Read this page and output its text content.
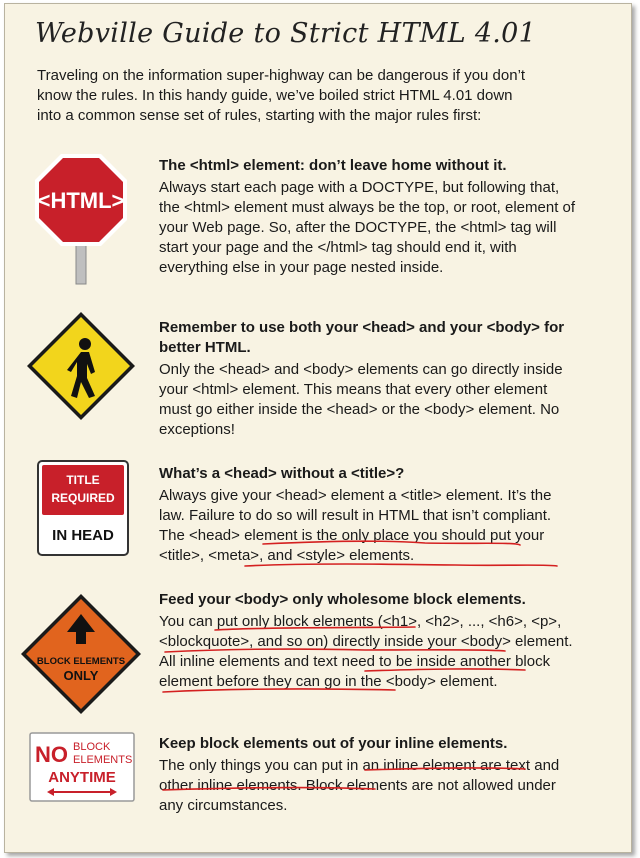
Webville Guide to Strict HTML 4.01
Traveling on the information super-highway can be dangerous if you don’t know the rules. In this handy guide, we’ve boiled strict HTML 4.01 down into a common sense set of rules, starting with the major rules first:
<HTML>
The <html> element: don’t leave home without it.

Always start each page with a DOCTYPE, but following that, the <html> element must always be the top, or root, element of your Web page. So, after the DOCTYPE, the <html> tag will start your page and the </html> tag should end it, with everything else in your page nested inside.

Remember to use both your <head> and your <body> for better HTML.

Only the <head> and <body> elements can go directly inside your <html> element. This means that every other element must go either inside the <head> or the <body> element. No exceptions!

TITLE
REQUIRED
IN HEAD
What’s a <head> without a <title>?

Always give your <head> element a <title> element. It’s the law. Failure to do so will result in HTML that isn’t compliant. The <head> element is the only place you should put your <title>, <meta>, and <style> elements.

BLOCK ELEMENTS
ONLY
Feed your <body> only wholesome block elements.

You can put only block elements (<h1>, <h2>, ..., <h6>, <p>, <blockquote>, and so on) directly inside your <body> element. All inline elements and text need to be inside another block element before they can go in the <body> element.

NO BLOCK
ELEMENTS
ANYTIME
Keep block elements out of your inline elements.

The only things you can put in an inline element are text and other inline elements. Block elements are not allowed under any circumstances.
